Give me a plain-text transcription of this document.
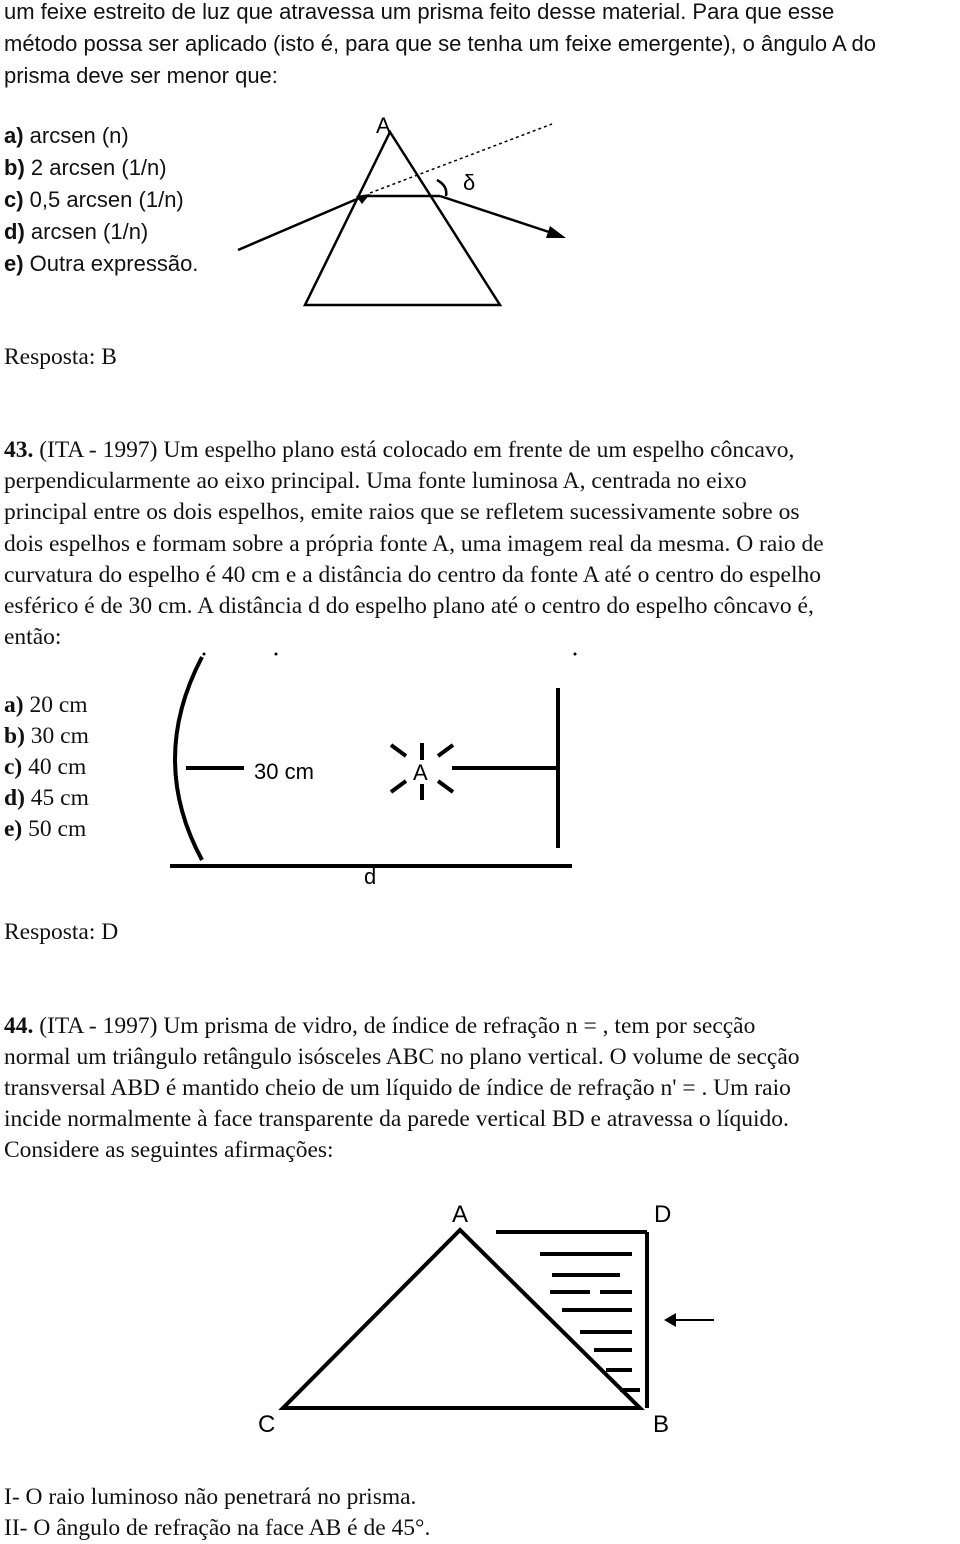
um feixe estreito de luz que atravessa um prisma feito desse material. Para que esse
método possa ser aplicado (isto é, para que se tenha um feixe emergente), o ângulo A do
prisma deve ser menor que:
a) arcsen (n)
b) 2 arcsen (1/n)
c) 0,5 arcsen (1/n)
d) arcsen (1/n)
e) Outra expressão.
Resposta: B
A
δ
43. (ITA - 1997) Um espelho plano está colocado em frente de um espelho côncavo,
perpendicularmente ao eixo principal. Uma fonte luminosa A, centrada no eixo
principal entre os dois espelhos, emite raios que se refletem sucessivamente sobre os
dois espelhos e formam sobre a própria fonte A, uma imagem real da mesma. O raio de
curvatura do espelho é 40 cm e a distância do centro da fonte A até o centro do espelho
esférico é de 30 cm. A distância d do espelho plano até o centro do espelho côncavo é,
então:
a) 20 cm
b) 30 cm
c) 40 cm
d) 45 cm
e) 50 cm
Resposta: D
30 cm	A
d
44. (ITA - 1997) Um prisma de vidro, de índice de refração n = , tem por secção
normal um triângulo retângulo isósceles ABC no plano vertical. O volume de secção
transversal ABD é mantido cheio de um líquido de índice de refração n' = . Um raio
incide normalmente à face transparente da parede vertical BD e atravessa o líquido.
Considere as seguintes afirmações:
A	D
C	B
I- O raio luminoso não penetrará no prisma.
II- O ângulo de refração na face AB é de 45°.
